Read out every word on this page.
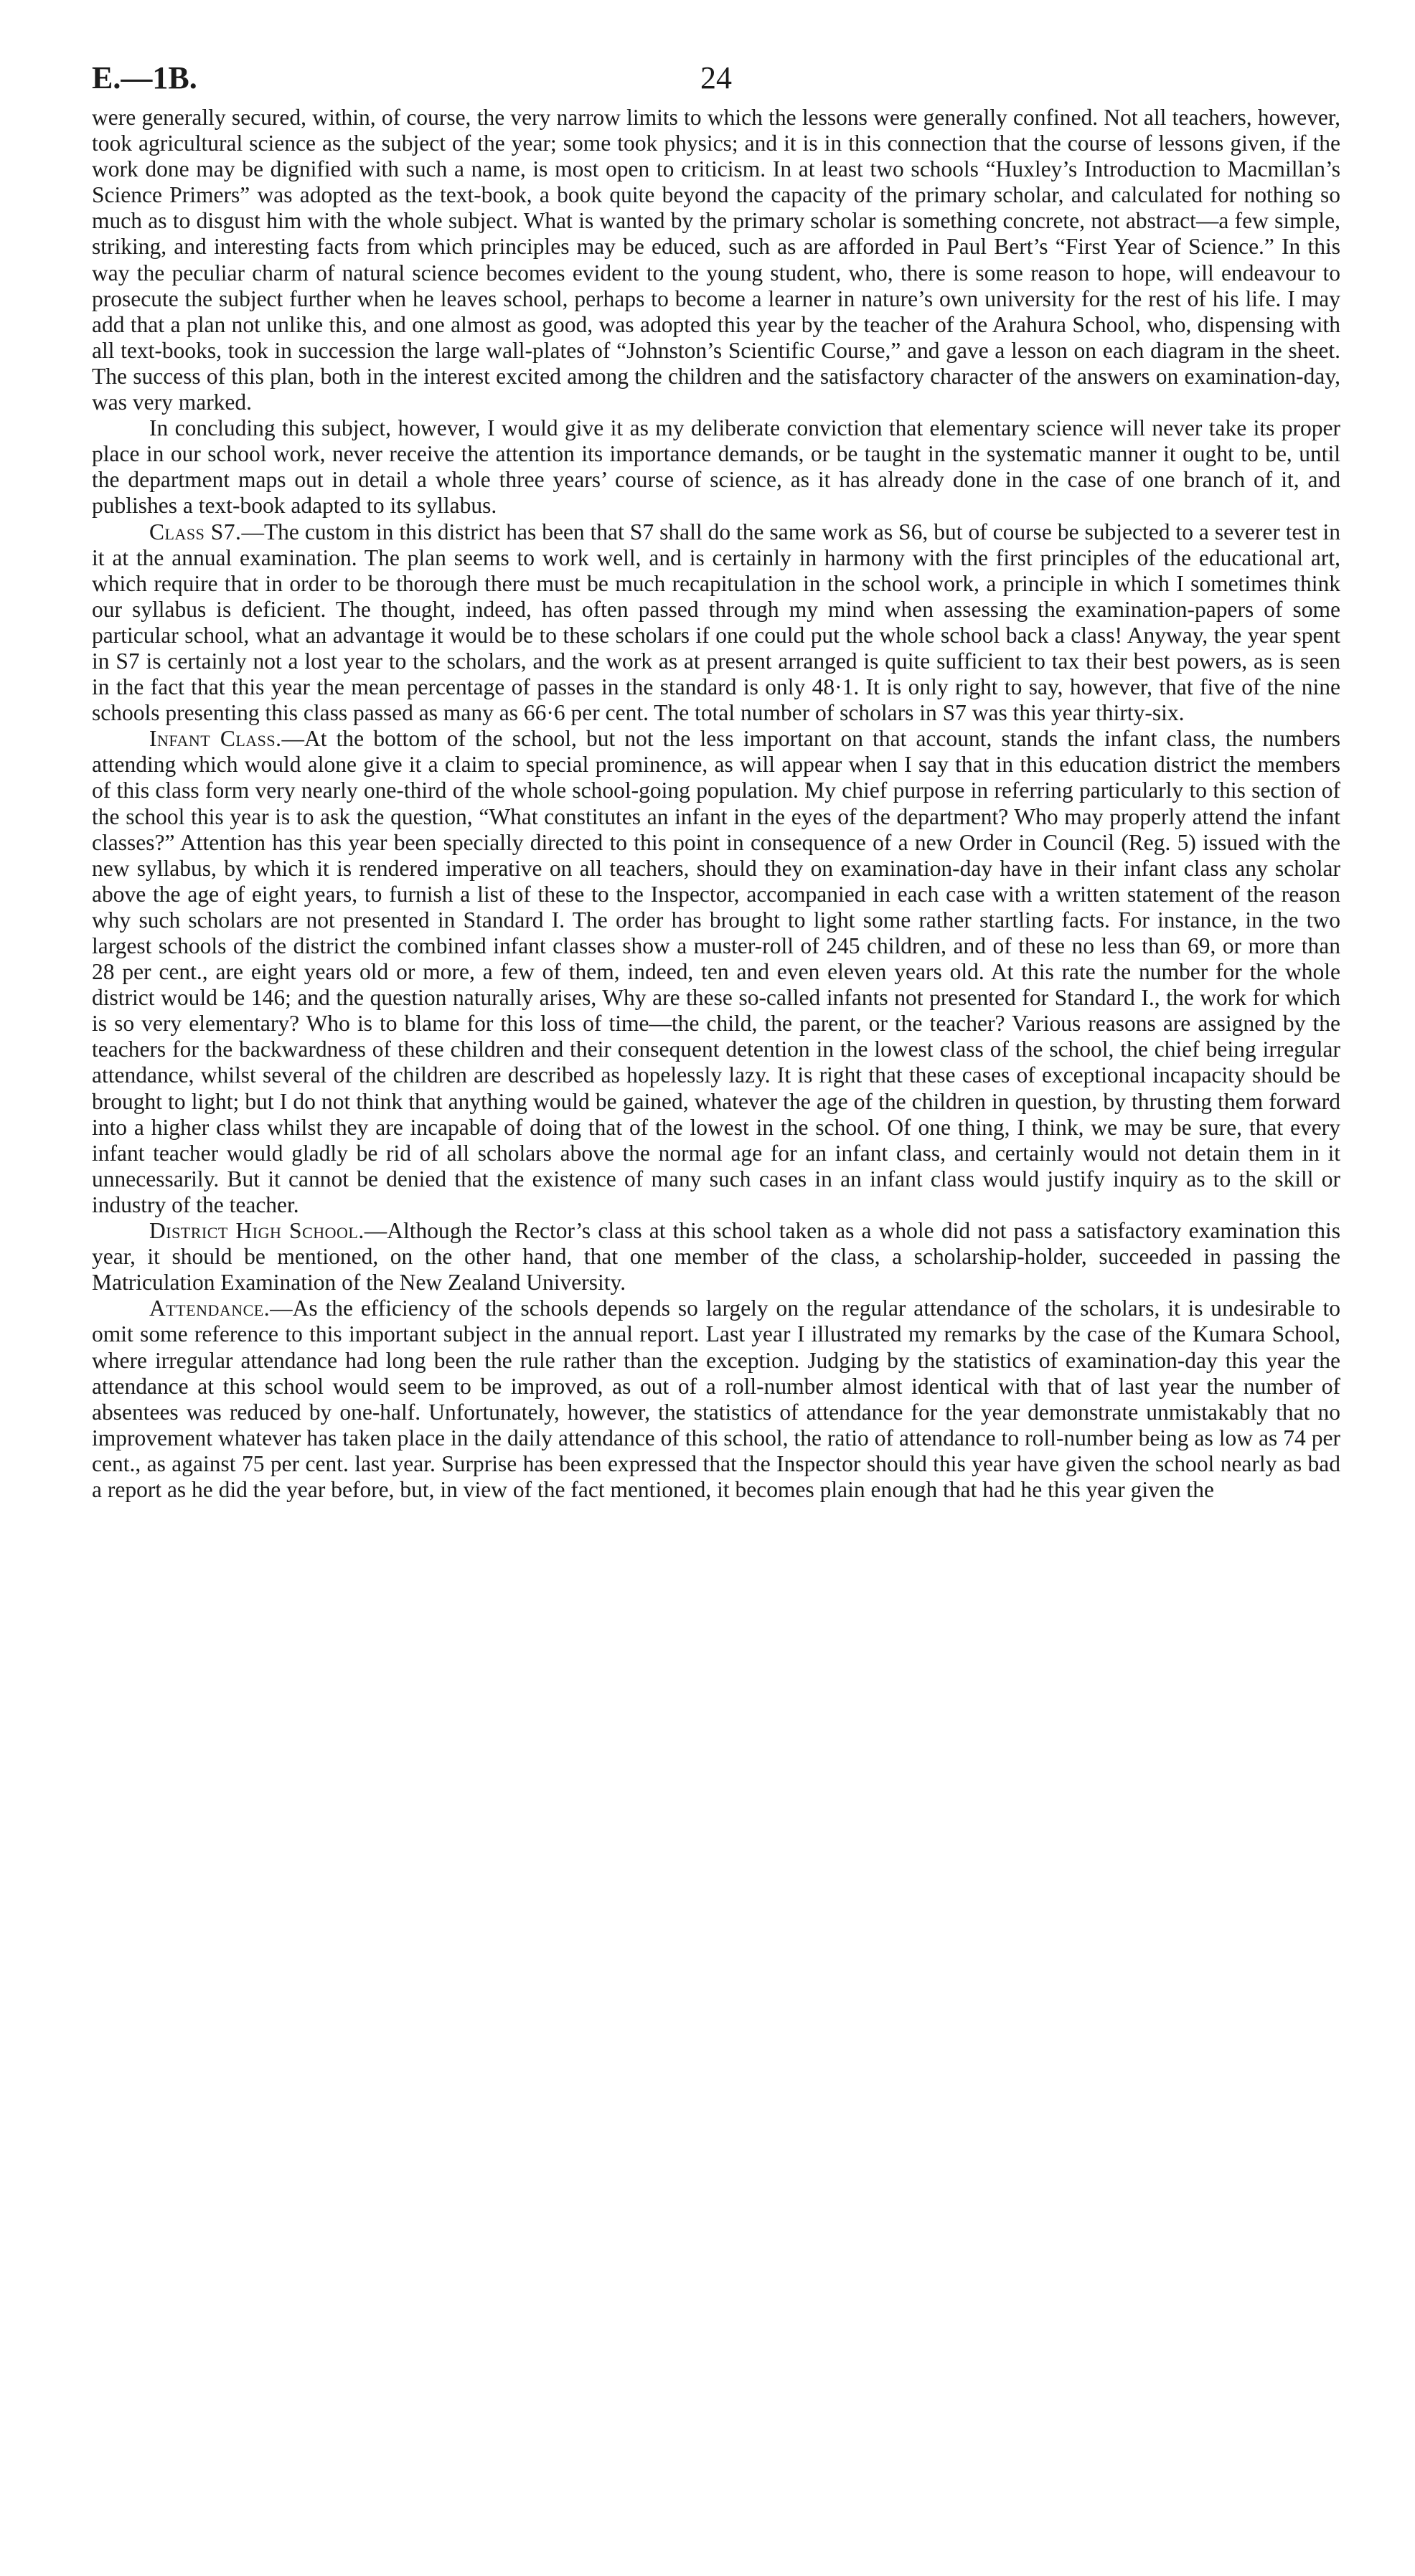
E.—1B.	24

were generally secured, within, of course, the very narrow limits to which the lessons were generally confined. Not all teachers, however, took agricultural science as the subject of the year; some took physics; and it is in this connection that the course of lessons given, if the work done may be dignified with such a name, is most open to criticism. In at least two schools “Huxley’s Introduction to Macmillan’s Science Primers” was adopted as the text-book, a book quite beyond the capacity of the primary scholar, and calculated for nothing so much as to disgust him with the whole subject. What is wanted by the primary scholar is something concrete, not abstract—a few simple, striking, and interesting facts from which principles may be educed, such as are afforded in Paul Bert’s “First Year of Science.” In this way the peculiar charm of natural science becomes evident to the young student, who, there is some reason to hope, will endeavour to prosecute the subject further when he leaves school, perhaps to become a learner in nature’s own university for the rest of his life. I may add that a plan not unlike this, and one almost as good, was adopted this year by the teacher of the Arahura School, who, dispensing with all text-books, took in succession the large wall-plates of “Johnston’s Scientific Course,” and gave a lesson on each diagram in the sheet. The success of this plan, both in the interest excited among the children and the satisfactory character of the answers on examination-day, was very marked.

In concluding this subject, however, I would give it as my deliberate conviction that elementary science will never take its proper place in our school work, never receive the attention its importance demands, or be taught in the systematic manner it ought to be, until the department maps out in detail a whole three years’ course of science, as it has already done in the case of one branch of it, and publishes a text-book adapted to its syllabus.

Class S7.—The custom in this district has been that S7 shall do the same work as S6, but of course be subjected to a severer test in it at the annual examination. The plan seems to work well, and is certainly in harmony with the first principles of the educational art, which require that in order to be thorough there must be much recapitulation in the school work, a principle in which I sometimes think our syllabus is deficient. The thought, indeed, has often passed through my mind when assessing the examination-papers of some particular school, what an advantage it would be to these scholars if one could put the whole school back a class! Anyway, the year spent in S7 is certainly not a lost year to the scholars, and the work as at present arranged is quite sufficient to tax their best powers, as is seen in the fact that this year the mean percentage of passes in the standard is only 48·1. It is only right to say, however, that five of the nine schools presenting this class passed as many as 66·6 per cent. The total number of scholars in S7 was this year thirty-six.

Infant Class.—At the bottom of the school, but not the less important on that account, stands the infant class, the numbers attending which would alone give it a claim to special prominence, as will appear when I say that in this education district the members of this class form very nearly one-third of the whole school-going population. My chief purpose in referring particularly to this section of the school this year is to ask the question, “What constitutes an infant in the eyes of the department? Who may properly attend the infant classes?” Attention has this year been specially directed to this point in consequence of a new Order in Council (Reg. 5) issued with the new syllabus, by which it is rendered imperative on all teachers, should they on examination-day have in their infant class any scholar above the age of eight years, to furnish a list of these to the Inspector, accompanied in each case with a written statement of the reason why such scholars are not presented in Standard I. The order has brought to light some rather startling facts. For instance, in the two largest schools of the district the combined infant classes show a muster-roll of 245 children, and of these no less than 69, or more than 28 per cent., are eight years old or more, a few of them, indeed, ten and even eleven years old. At this rate the number for the whole district would be 146; and the question naturally arises, Why are these so-called infants not presented for Standard I., the work for which is so very elementary? Who is to blame for this loss of time—the child, the parent, or the teacher? Various reasons are assigned by the teachers for the backwardness of these children and their consequent detention in the lowest class of the school, the chief being irregular attendance, whilst several of the children are described as hopelessly lazy. It is right that these cases of exceptional incapacity should be brought to light; but I do not think that anything would be gained, whatever the age of the children in question, by thrusting them forward into a higher class whilst they are incapable of doing that of the lowest in the school. Of one thing, I think, we may be sure, that every infant teacher would gladly be rid of all scholars above the normal age for an infant class, and certainly would not detain them in it unnecessarily. But it cannot be denied that the existence of many such cases in an infant class would justify inquiry as to the skill or industry of the teacher.

District High School.—Although the Rector’s class at this school taken as a whole did not pass a satisfactory examination this year, it should be mentioned, on the other hand, that one member of the class, a scholarship-holder, succeeded in passing the Matriculation Examination of the New Zealand University.

Attendance.—As the efficiency of the schools depends so largely on the regular attendance of the scholars, it is undesirable to omit some reference to this important subject in the annual report. Last year I illustrated my remarks by the case of the Kumara School, where irregular attendance had long been the rule rather than the exception. Judging by the statistics of examination-day this year the attendance at this school would seem to be improved, as out of a roll-number almost identical with that of last year the number of absentees was reduced by one-half. Unfortunately, however, the statistics of attendance for the year demonstrate unmistakably that no improvement whatever has taken place in the daily attendance of this school, the ratio of attendance to roll-number being as low as 74 per cent., as against 75 per cent. last year. Surprise has been expressed that the Inspector should this year have given the school nearly as bad a report as he did the year before, but, in view of the fact mentioned, it becomes plain enough that had he this year given the
